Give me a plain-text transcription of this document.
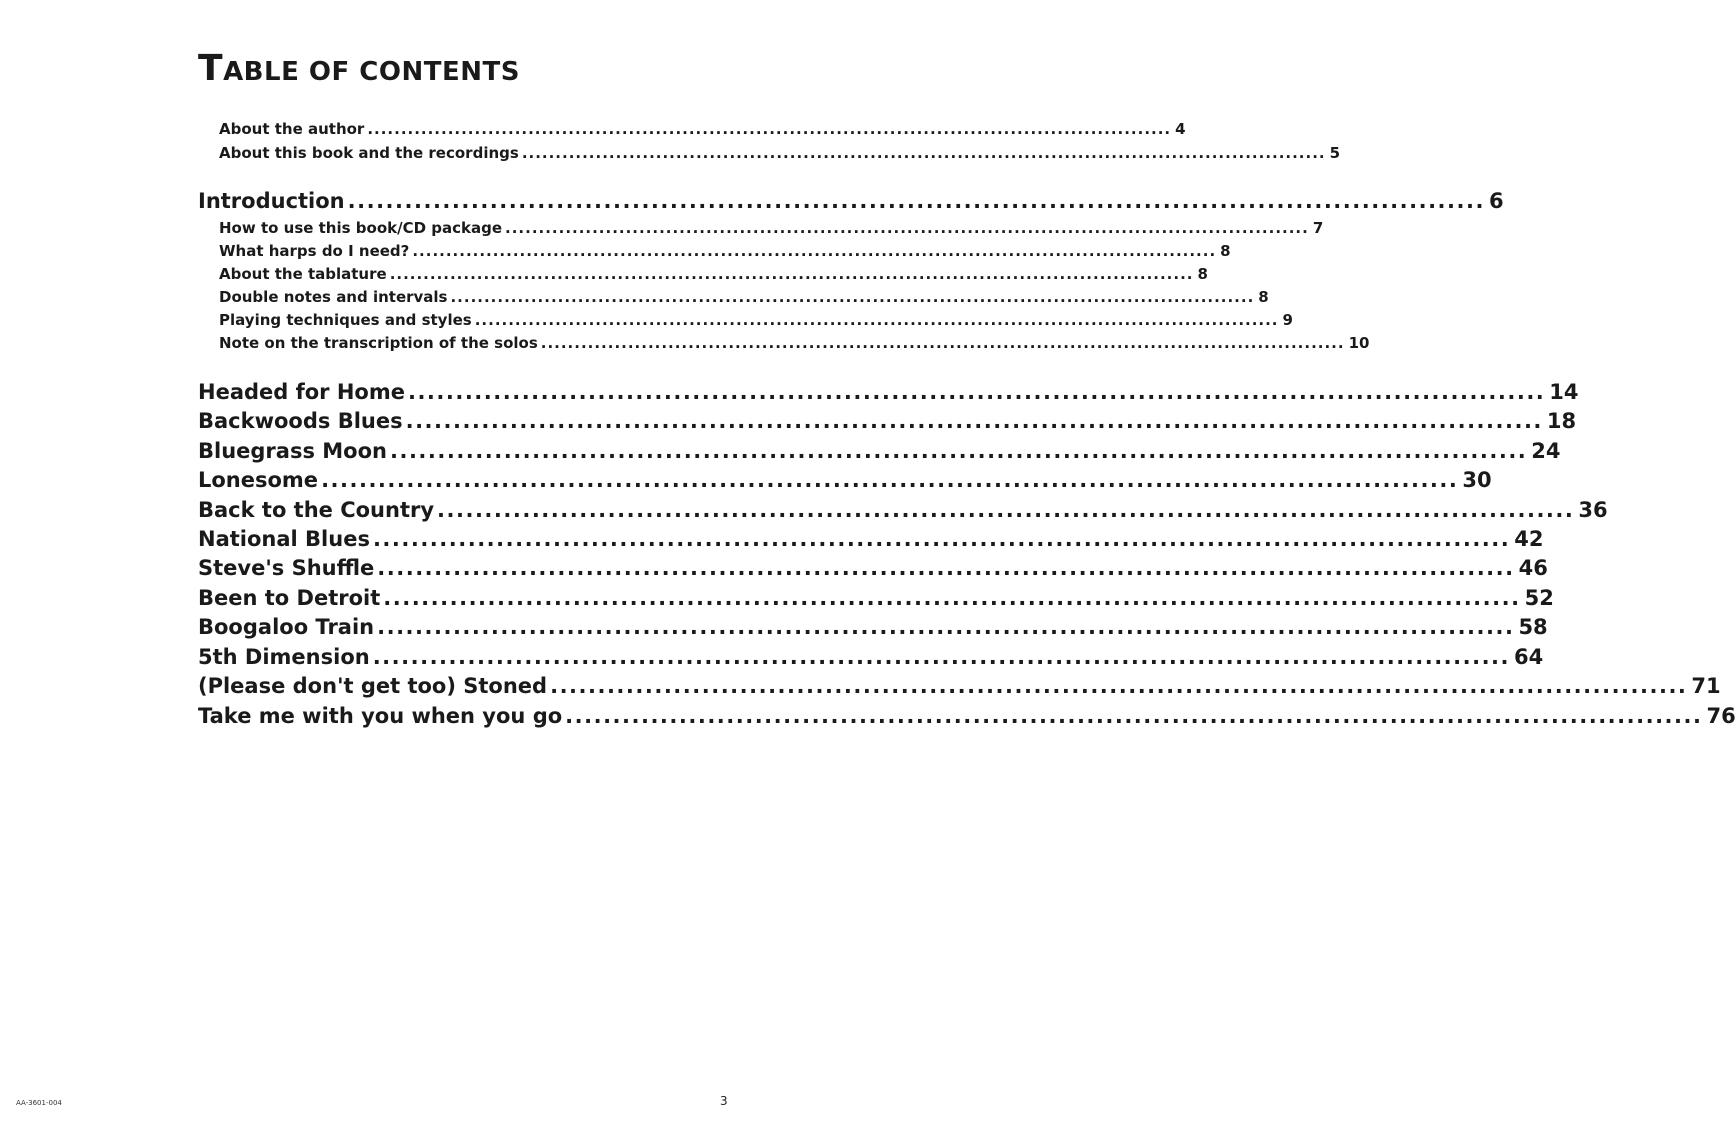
TABLE OF CONTENTS
About the author ........................................................................................................................ 4
About this book and the recordings ........................................................................................................................ 5
Introduction ........................................................................................................................ 6
How to use this book/CD package ........................................................................................................................ 7
What harps do I need? ........................................................................................................................ 8
About the tablature ........................................................................................................................ 8
Double notes and intervals ........................................................................................................................ 8
Playing techniques and styles ........................................................................................................................ 9
Note on the transcription of the solos ........................................................................................................................ 10
Headed for Home ........................................................................................................................ 14
Backwoods Blues ........................................................................................................................ 18
Bluegrass Moon ........................................................................................................................ 24
Lonesome ........................................................................................................................ 30
Back to the Country ........................................................................................................................ 36
National Blues ........................................................................................................................ 42
Steve's Shuffle ........................................................................................................................ 46
Been to Detroit ........................................................................................................................ 52
Boogaloo Train ........................................................................................................................ 58
5th Dimension ........................................................................................................................ 64
(Please don't get too) Stoned ........................................................................................................................ 71
Take me with you when you go ........................................................................................................................ 76
AA-3601-004	3
